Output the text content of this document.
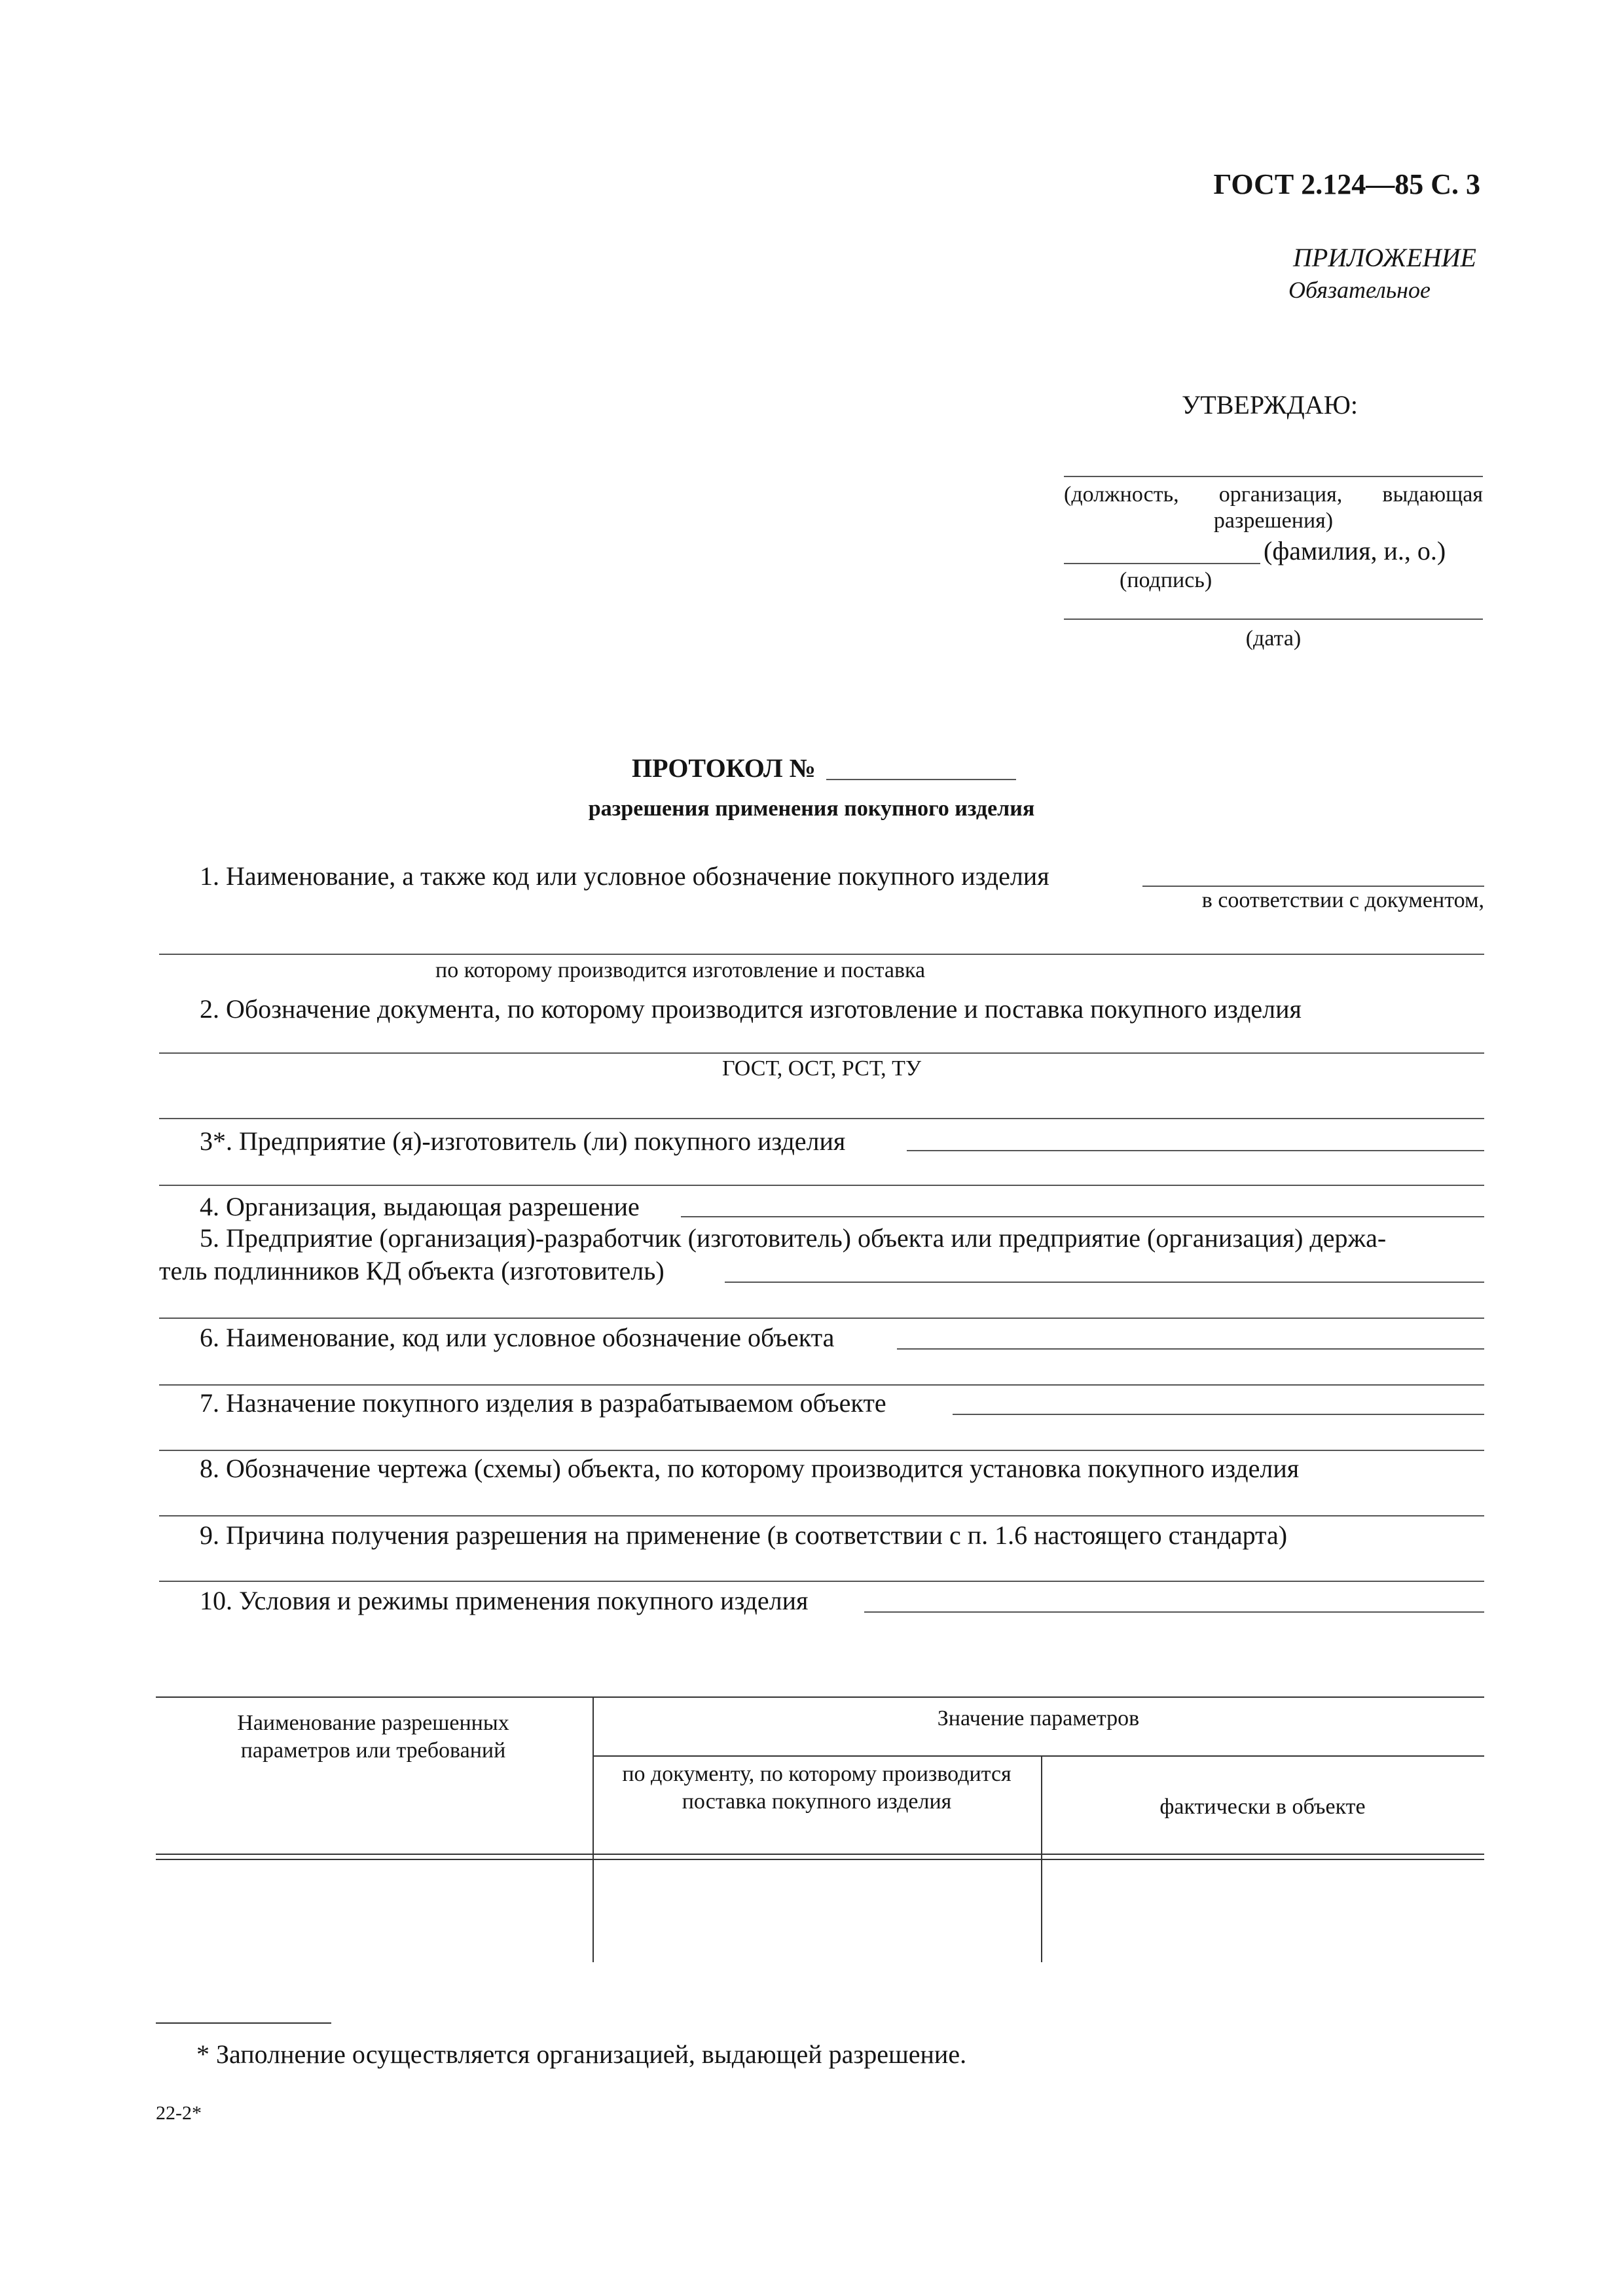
ГОСТ 2.124—85 С. 3
ПРИЛОЖЕНИЕ
Обязательное
УТВЕРЖДАЮ:
(должность, организация, выдающая
разрешения)
(фамилия, и., о.)
(подпись)
(дата)
ПРОТОКОЛ №
разрешения применения покупного изделия
1. Наименование, а также код или условное обозначение покупного изделия
в соответствии с документом,
по которому производится изготовление и поставка
2. Обозначение документа, по которому производится изготовление и поставка покупного изделия
ГОСТ, ОСТ, РСТ, ТУ
3*. Предприятие (я)-изготовитель (ли) покупного изделия
4. Организация, выдающая разрешение
5. Предприятие (организация)-разработчик (изготовитель) объекта или предприятие (организация) держа-
тель подлинников КД объекта (изготовитель)
6. Наименование, код или условное обозначение объекта
7. Назначение покупного изделия в разрабатываемом объекте
8. Обозначение чертежа (схемы) объекта, по которому производится установка покупного изделия
9. Причина получения разрешения на применение (в соответствии с п. 1.6 настоящего стандарта)
10. Условия и режимы применения покупного изделия
Наименование разрешенных параметров или требований
Значение параметров
по документу, по которому производится поставка покупного изделия	фактически в объекте
* Заполнение осуществляется организацией, выдающей разрешение.
22-2*
